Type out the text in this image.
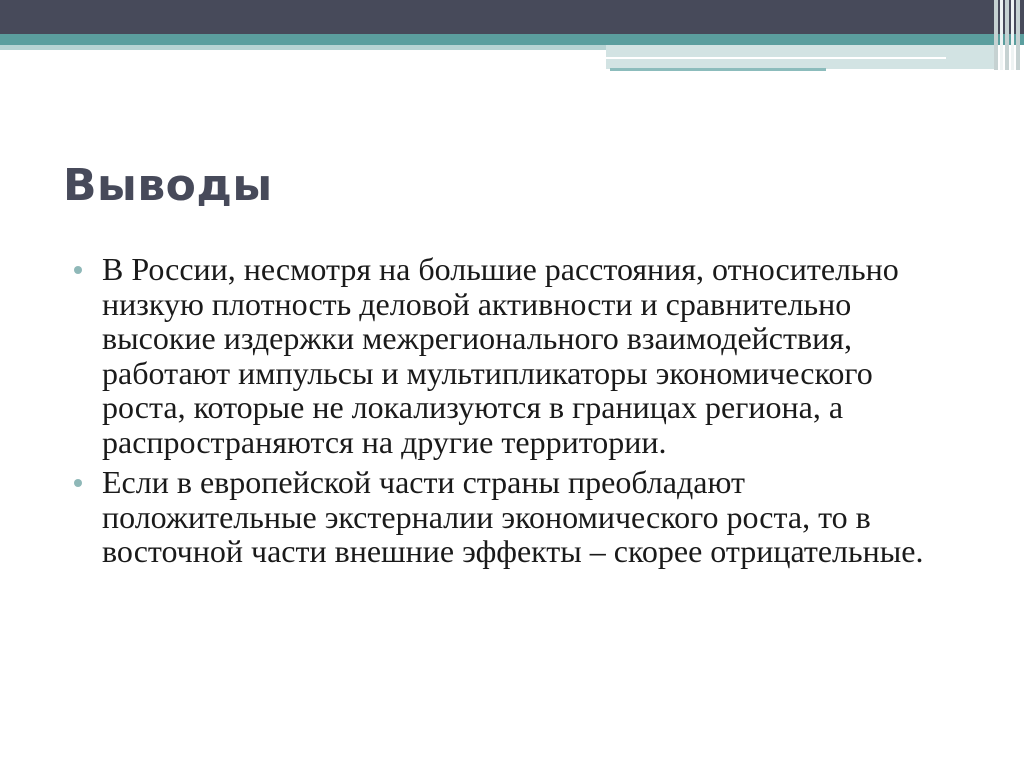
Выводы
В России, несмотря на большие расстояния, относительно низкую плотность деловой активности и сравнительно высокие издержки межрегионального взаимодействия, работают импульсы и мультипликаторы экономического роста, которые не локализуются в границах региона, а распространяются на другие территории.
Если в европейской части страны преобладают положительные экстерналии экономического роста, то в восточной части внешние эффекты – скорее отрицательные.
